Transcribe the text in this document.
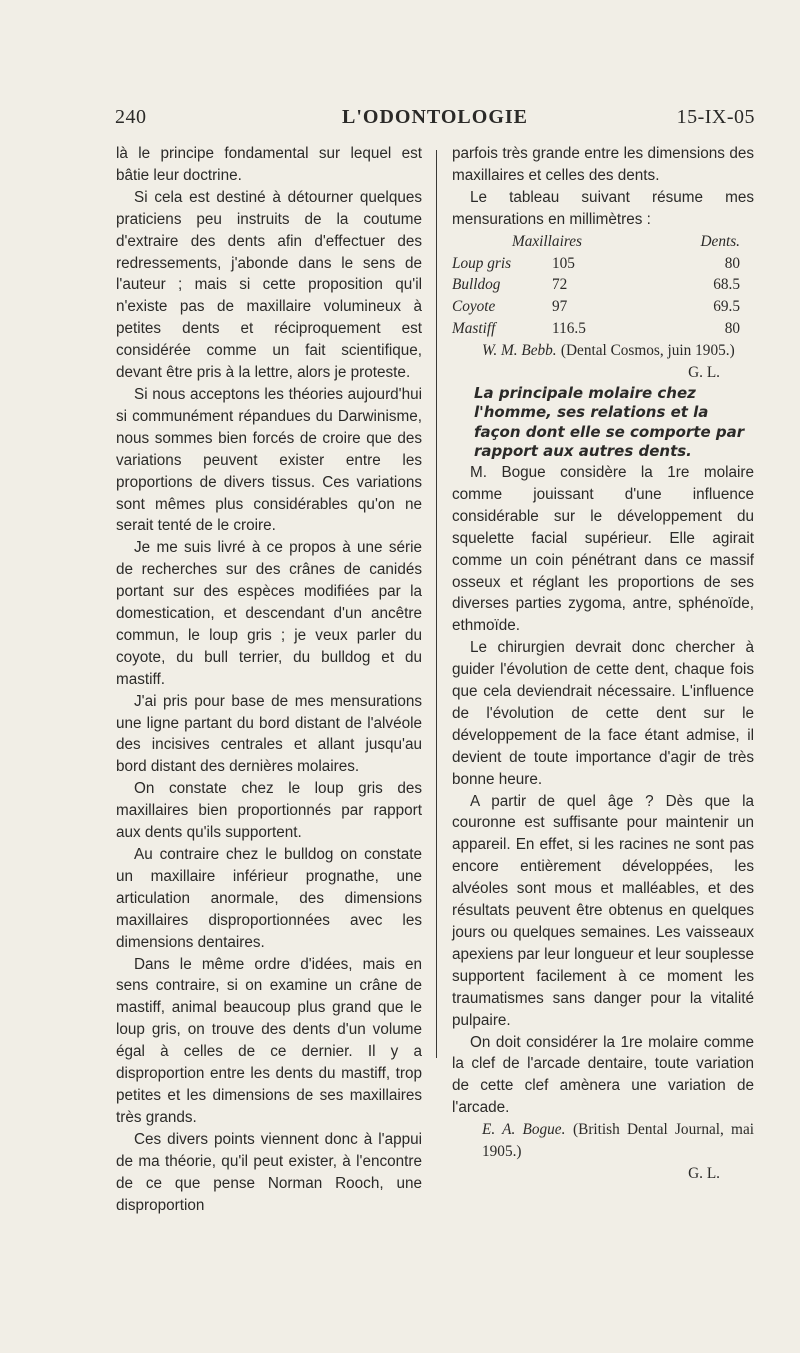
240	L'ODONTOLOGIE	15-IX-05

là le principe fondamental sur lequel est bâtie leur doctrine.

Si cela est destiné à détourner quelques praticiens peu instruits de la coutume d'extraire des dents afin d'effectuer des redressements, j'abonde dans le sens de l'auteur ; mais si cette proposition qu'il n'existe pas de maxillaire volumineux à petites dents et réciproquement est considérée comme un fait scientifique, devant être pris à la lettre, alors je proteste.

Si nous acceptons les théories aujourd'hui si communément répandues du Darwinisme, nous sommes bien forcés de croire que des variations peuvent exister entre les proportions de divers tissus. Ces variations sont mêmes plus considérables qu'on ne serait tenté de le croire.

Je me suis livré à ce propos à une série de recherches sur des crânes de canidés portant sur des espèces modifiées par la domestication, et descendant d'un ancêtre commun, le loup gris ; je veux parler du coyote, du bull terrier, du bulldog et du mastiff.

J'ai pris pour base de mes mensurations une ligne partant du bord distant de l'alvéole des incisives centrales et allant jusqu'au bord distant des dernières molaires.

On constate chez le loup gris des maxillaires bien proportionnés par rapport aux dents qu'ils supportent.

Au contraire chez le bulldog on constate un maxillaire inférieur prognathe, une articulation anormale, des dimensions maxillaires disproportionnées avec les dimensions dentaires.

Dans le même ordre d'idées, mais en sens contraire, si on examine un crâne de mastiff, animal beaucoup plus grand que le loup gris, on trouve des dents d'un volume égal à celles de ce dernier. Il y a disproportion entre les dents du mastiff, trop petites et les dimensions de ses maxillaires très grands.

Ces divers points viennent donc à l'appui de ma théorie, qu'il peut exister, à l'encontre de ce que pense Norman Rooch, une disproportion

parfois très grande entre les dimensions des maxillaires et celles des dents.

Le tableau suivant résume mes mensurations en millimètres :

Maxillaires		Dents.
Loup gris	105	80
Bulldog	72	68.5
Coyote	97	69.5
Mastiff	116.5	80

W. M. Bebb. (Dental Cosmos, juin 1905.)

G. L.

La principale molaire chez l'homme, ses relations et la façon dont elle se comporte par rapport aux autres dents.

M. Bogue considère la 1re molaire comme jouissant d'une influence considérable sur le développement du squelette facial supérieur. Elle agirait comme un coin pénétrant dans ce massif osseux et réglant les proportions de ses diverses parties zygoma, antre, sphénoïde, ethmoïde.

Le chirurgien devrait donc chercher à guider l'évolution de cette dent, chaque fois que cela deviendrait nécessaire. L'influence de l'évolution de cette dent sur le développement de la face étant admise, il devient de toute importance d'agir de très bonne heure.

A partir de quel âge ? Dès que la couronne est suffisante pour maintenir un appareil. En effet, si les racines ne sont pas encore entièrement développées, les alvéoles sont mous et malléables, et des résultats peuvent être obtenus en quelques jours ou quelques semaines. Les vaisseaux apexiens par leur longueur et leur souplesse supportent facilement à ce moment les traumatismes sans danger pour la vitalité pulpaire.

On doit considérer la 1re molaire comme la clef de l'arcade dentaire, toute variation de cette clef amènera une variation de l'arcade.

E. A. Bogue. (British Dental Journal, mai 1905.)

G. L.
